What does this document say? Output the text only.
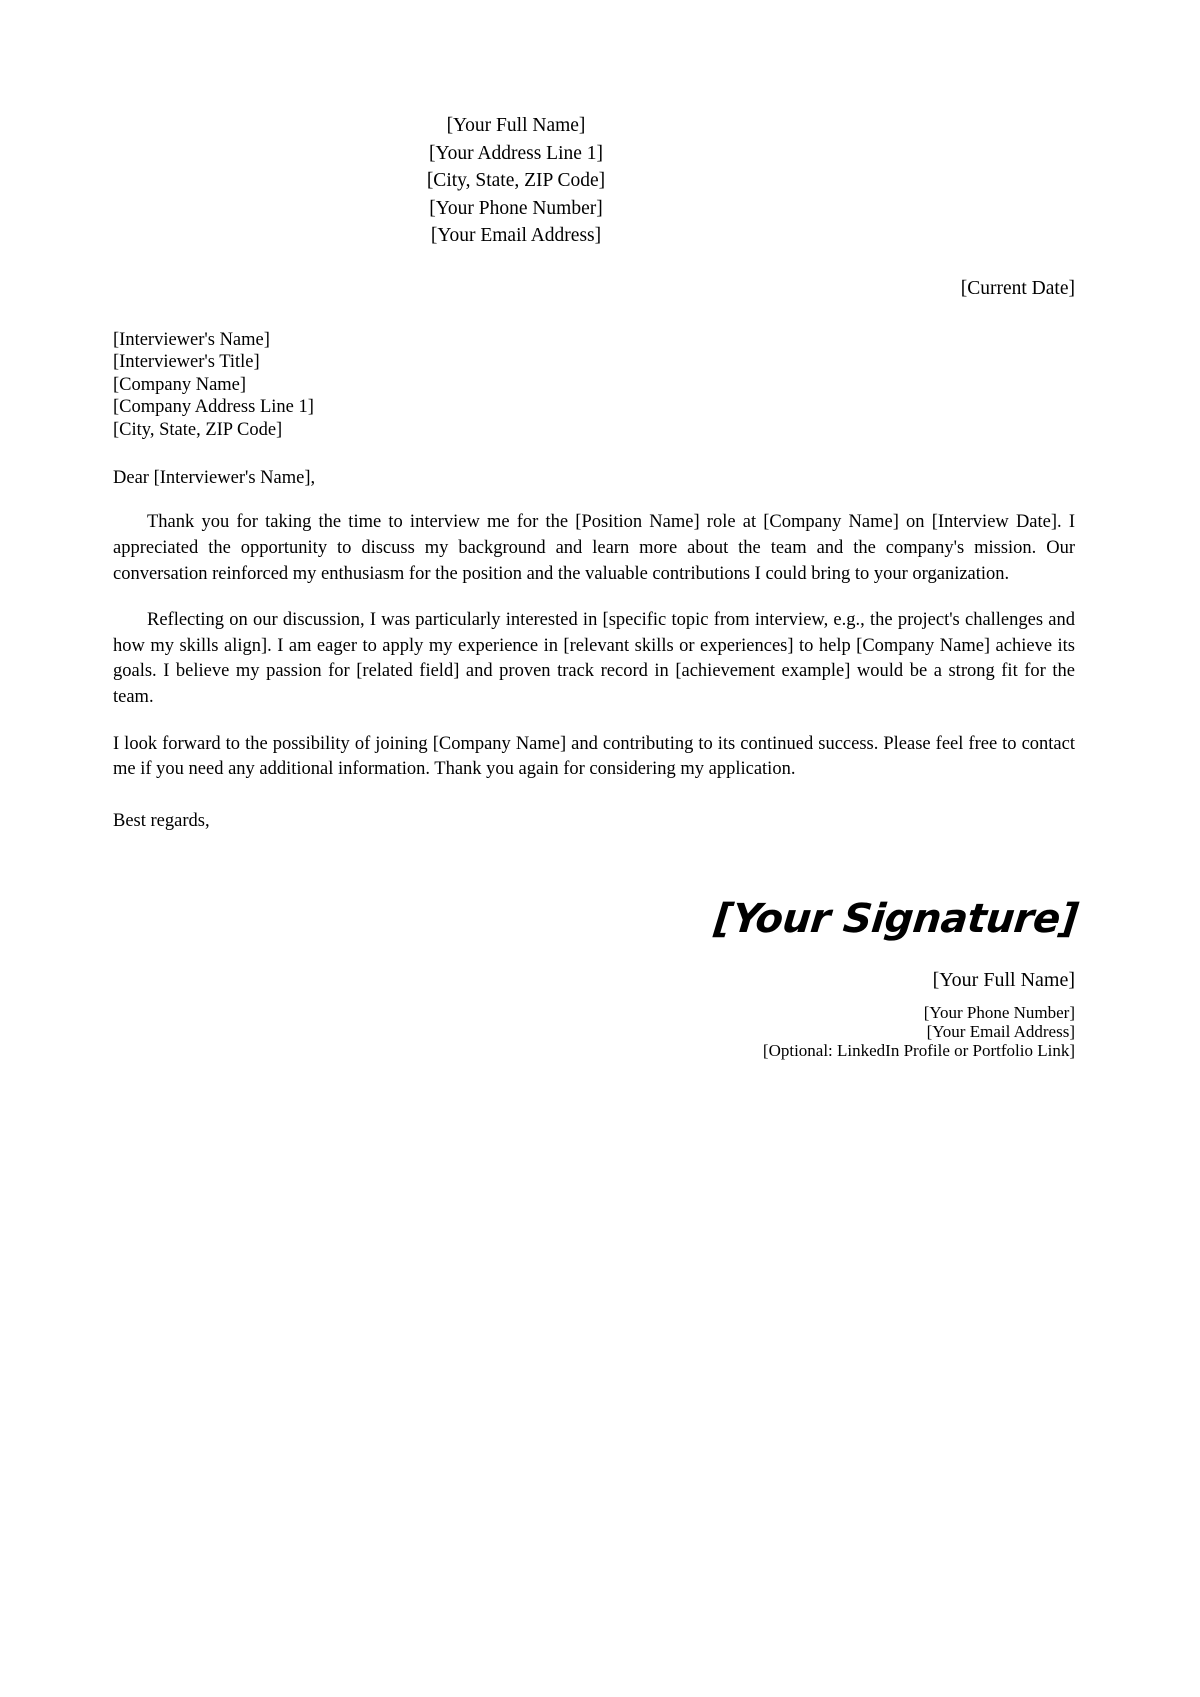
[Your Full Name]
[Your Address Line 1]
[City, State, ZIP Code]
[Your Phone Number]
[Your Email Address]
[Current Date]
[Interviewer's Name]
[Interviewer's Title]
[Company Name]
[Company Address Line 1]
[City, State, ZIP Code]
Dear [Interviewer's Name],

Thank you for taking the time to interview me for the [Position Name] role at [Company Name] on [Interview Date]. I appreciated the opportunity to discuss my background and learn more about the team and the company's mission. Our conversation reinforced my enthusiasm for the position and the valuable contributions I could bring to your organization.

Reflecting on our discussion, I was particularly interested in [specific topic from interview, e.g., the project's challenges and how my skills align]. I am eager to apply my experience in [relevant skills or experiences] to help [Company Name] achieve its goals. I believe my passion for [related field] and proven track record in [achievement example] would be a strong fit for the team.

I look forward to the possibility of joining [Company Name] and contributing to its continued success. Please feel free to contact me if you need any additional information. Thank you again for considering my application.

Best regards,
[Your Signature]
[Your Full Name]
[Your Phone Number]
[Your Email Address]
[Optional: LinkedIn Profile or Portfolio Link]
